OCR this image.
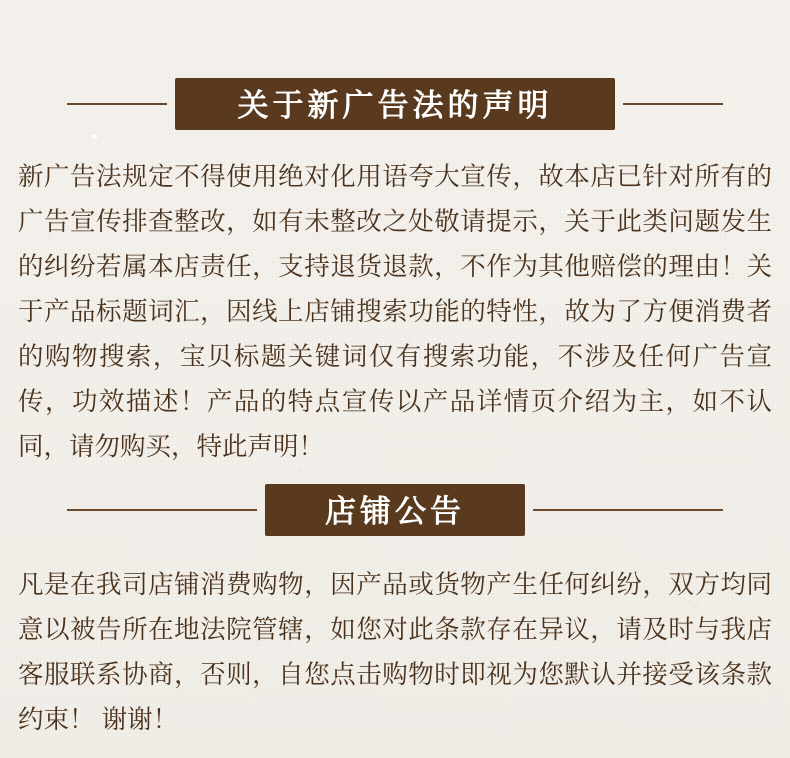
关于新广告法的声明
新广告法规定不得使用绝对化用语夸大宣传，故本店已针对所有的广告宣传排查整改，如有未整改之处敬请提示，关于此类问题发生的纠纷若属本店责任，支持退货退款，不作为其他赔偿的理由！关于产品标题词汇，因线上店铺搜索功能的特性，故为了方便消费者的购物搜索，宝贝标题关键词仅有搜索功能，不涉及任何广告宣传，功效描述！产品的特点宣传以产品详情页介绍为主，如不认同，请勿购买，特此声明！
店铺公告
凡是在我司店铺消费购物，因产品或货物产生任何纠纷，双方均同意以被告所在地法院管辖，如您对此条款存在异议，请及时与我店客服联系协商，否则，自您点击购物时即视为您默认并接受该条款约束！ 谢谢！
